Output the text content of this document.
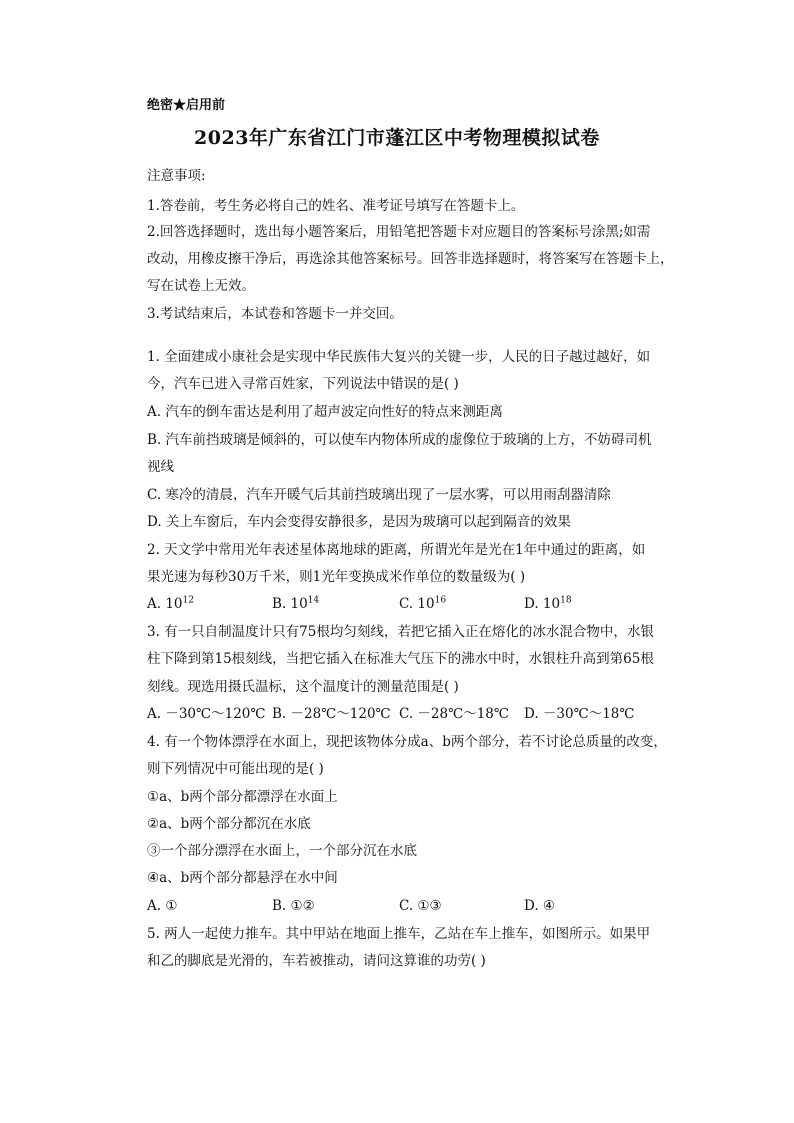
绝密★启用前
2023年广东省江门市蓬江区中考物理模拟试卷
注意事项:
1.答卷前，考生务必将自己的姓名、准考证号填写在答题卡上。
2.回答选择题时，选出每小题答案后，用铅笔把答题卡对应题目的答案标号涂黑;如需
改动，用橡皮擦干净后，再选涂其他答案标号。回答非选择题时，将答案写在答题卡上，
写在试卷上无效。
3.考试结束后，本试卷和答题卡一并交回。
1. 全面建成小康社会是实现中华民族伟大复兴的关键一步，人民的日子越过越好，如
今，汽车已进入寻常百姓家，下列说法中错误的是( )
A. 汽车的倒车雷达是利用了超声波定向性好的特点来测距离
B. 汽车前挡玻璃是倾斜的，可以使车内物体所成的虚像位于玻璃的上方，不妨碍司机
视线
C. 寒冷的清晨，汽车开暖气后其前挡玻璃出现了一层水雾，可以用雨刮器清除
D. 关上车窗后，车内会变得安静很多，是因为玻璃可以起到隔音的效果
2. 天文学中常用光年表述星体离地球的距离，所谓光年是光在1年中通过的距离，如
果光速为每秒30万千米，则1光年变换成米作单位的数量级为( )
A. $10^{12}$	B. $10^{14}$	C. $10^{16}$	D. $10^{18}$
3. 有一只自制温度计只有75根均匀刻线，若把它插入正在熔化的冰水混合物中，水银
柱下降到第15根刻线，当把它插入在标准大气压下的沸水中时，水银柱升高到第65根
刻线。现选用摄氏温标，这个温度计的测量范围是( )
A. －30℃～120℃ B. －28℃～120℃ C. －28℃～18℃ D. －30℃～18℃
4. 有一个物体漂浮在水面上，现把该物体分成a、b两个部分，若不讨论总质量的改变，
则下列情况中可能出现的是( )
①a、b两个部分都漂浮在水面上
②a、b两个部分都沉在水底
③一个部分漂浮在水面上，一个部分沉在水底
④a、b两个部分都悬浮在水中间
A. ①	B. ①②	C. ①③	D. ④
5. 两人一起使力推车。其中甲站在地面上推车，乙站在车上推车，如图所示。如果甲
和乙的脚底是光滑的，车若被推动，请问这算谁的功劳( )
